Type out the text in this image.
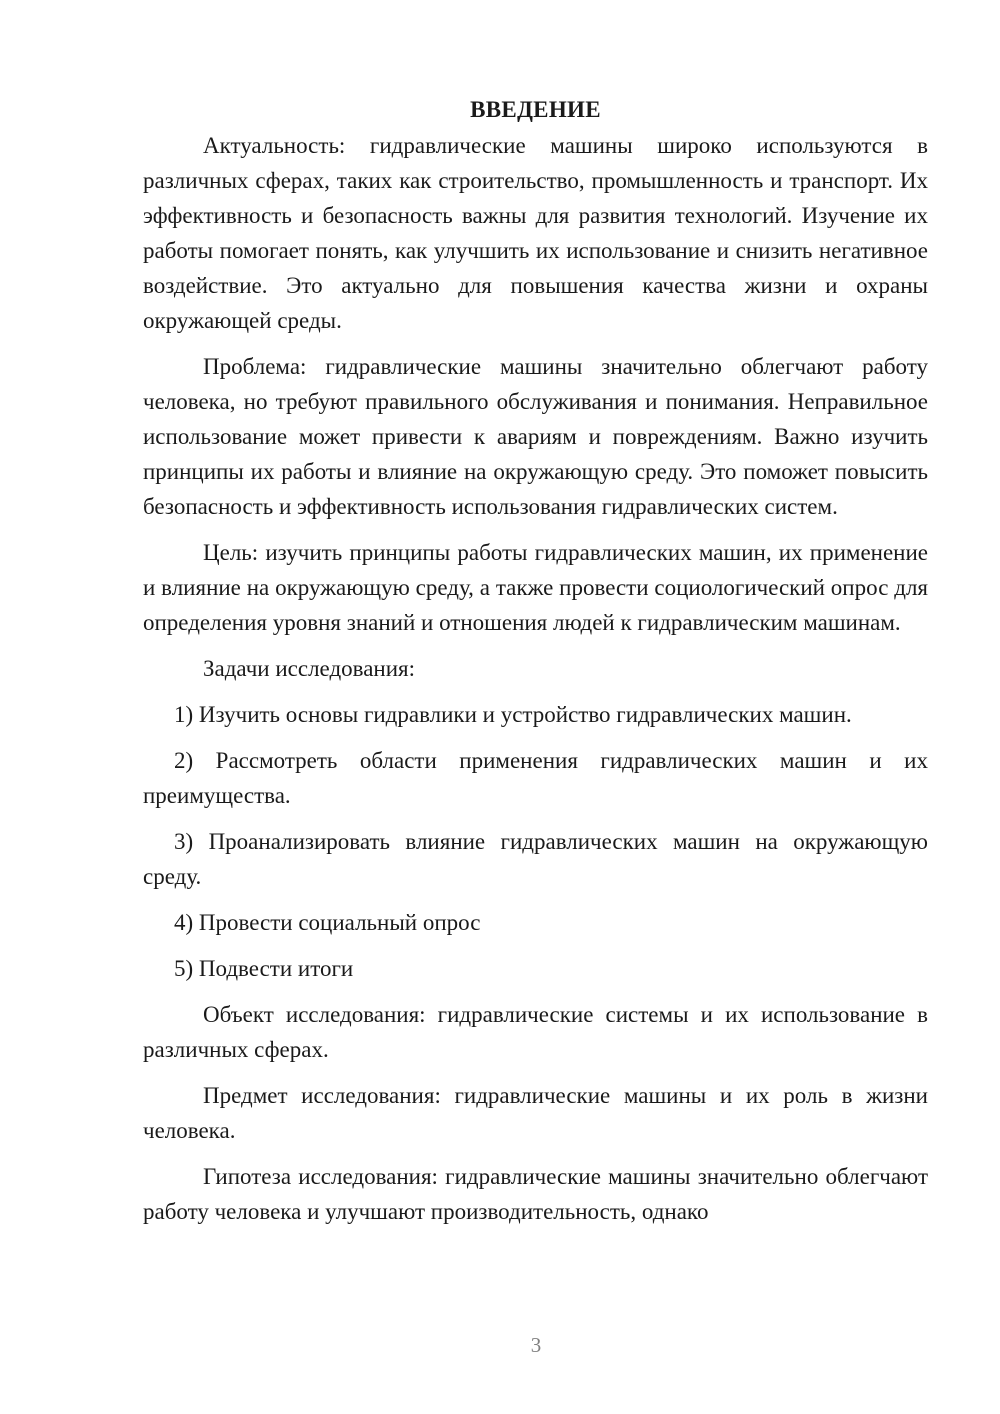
ВВЕДЕНИЕ

Актуальность: гидравлические машины широко используются в различных сферах, таких как строительство, промышленность и транспорт. Их эффективность и безопасность важны для развития технологий. Изучение их работы помогает понять, как улучшить их использование и снизить негативное воздействие. Это актуально для повышения качества жизни и охраны окружающей среды.

Проблема: гидравлические машины значительно облегчают работу человека, но требуют правильного обслуживания и понимания. Неправильное использование может привести к авариям и повреждениям. Важно изучить принципы их работы и влияние на окружающую среду. Это поможет повысить безопасность и эффективность использования гидравлических систем.

Цель: изучить принципы работы гидравлических машин, их применение и влияние на окружающую среду, а также провести социологический опрос для определения уровня знаний и отношения людей к гидравлическим машинам.

Задачи исследования:

1) Изучить основы гидравлики и устройство гидравлических машин.

2) Рассмотреть области применения гидравлических машин и их преимущества.

3) Проанализировать влияние гидравлических машин на окружающую среду.

4) Провести социальный опрос

5) Подвести итоги

Объект исследования: гидравлические системы и их использование в различных сферах.

Предмет исследования: гидравлические машины и их роль в жизни человека.

Гипотеза исследования: гидравлические машины значительно облегчают работу человека и улучшают производительность, однако

3
